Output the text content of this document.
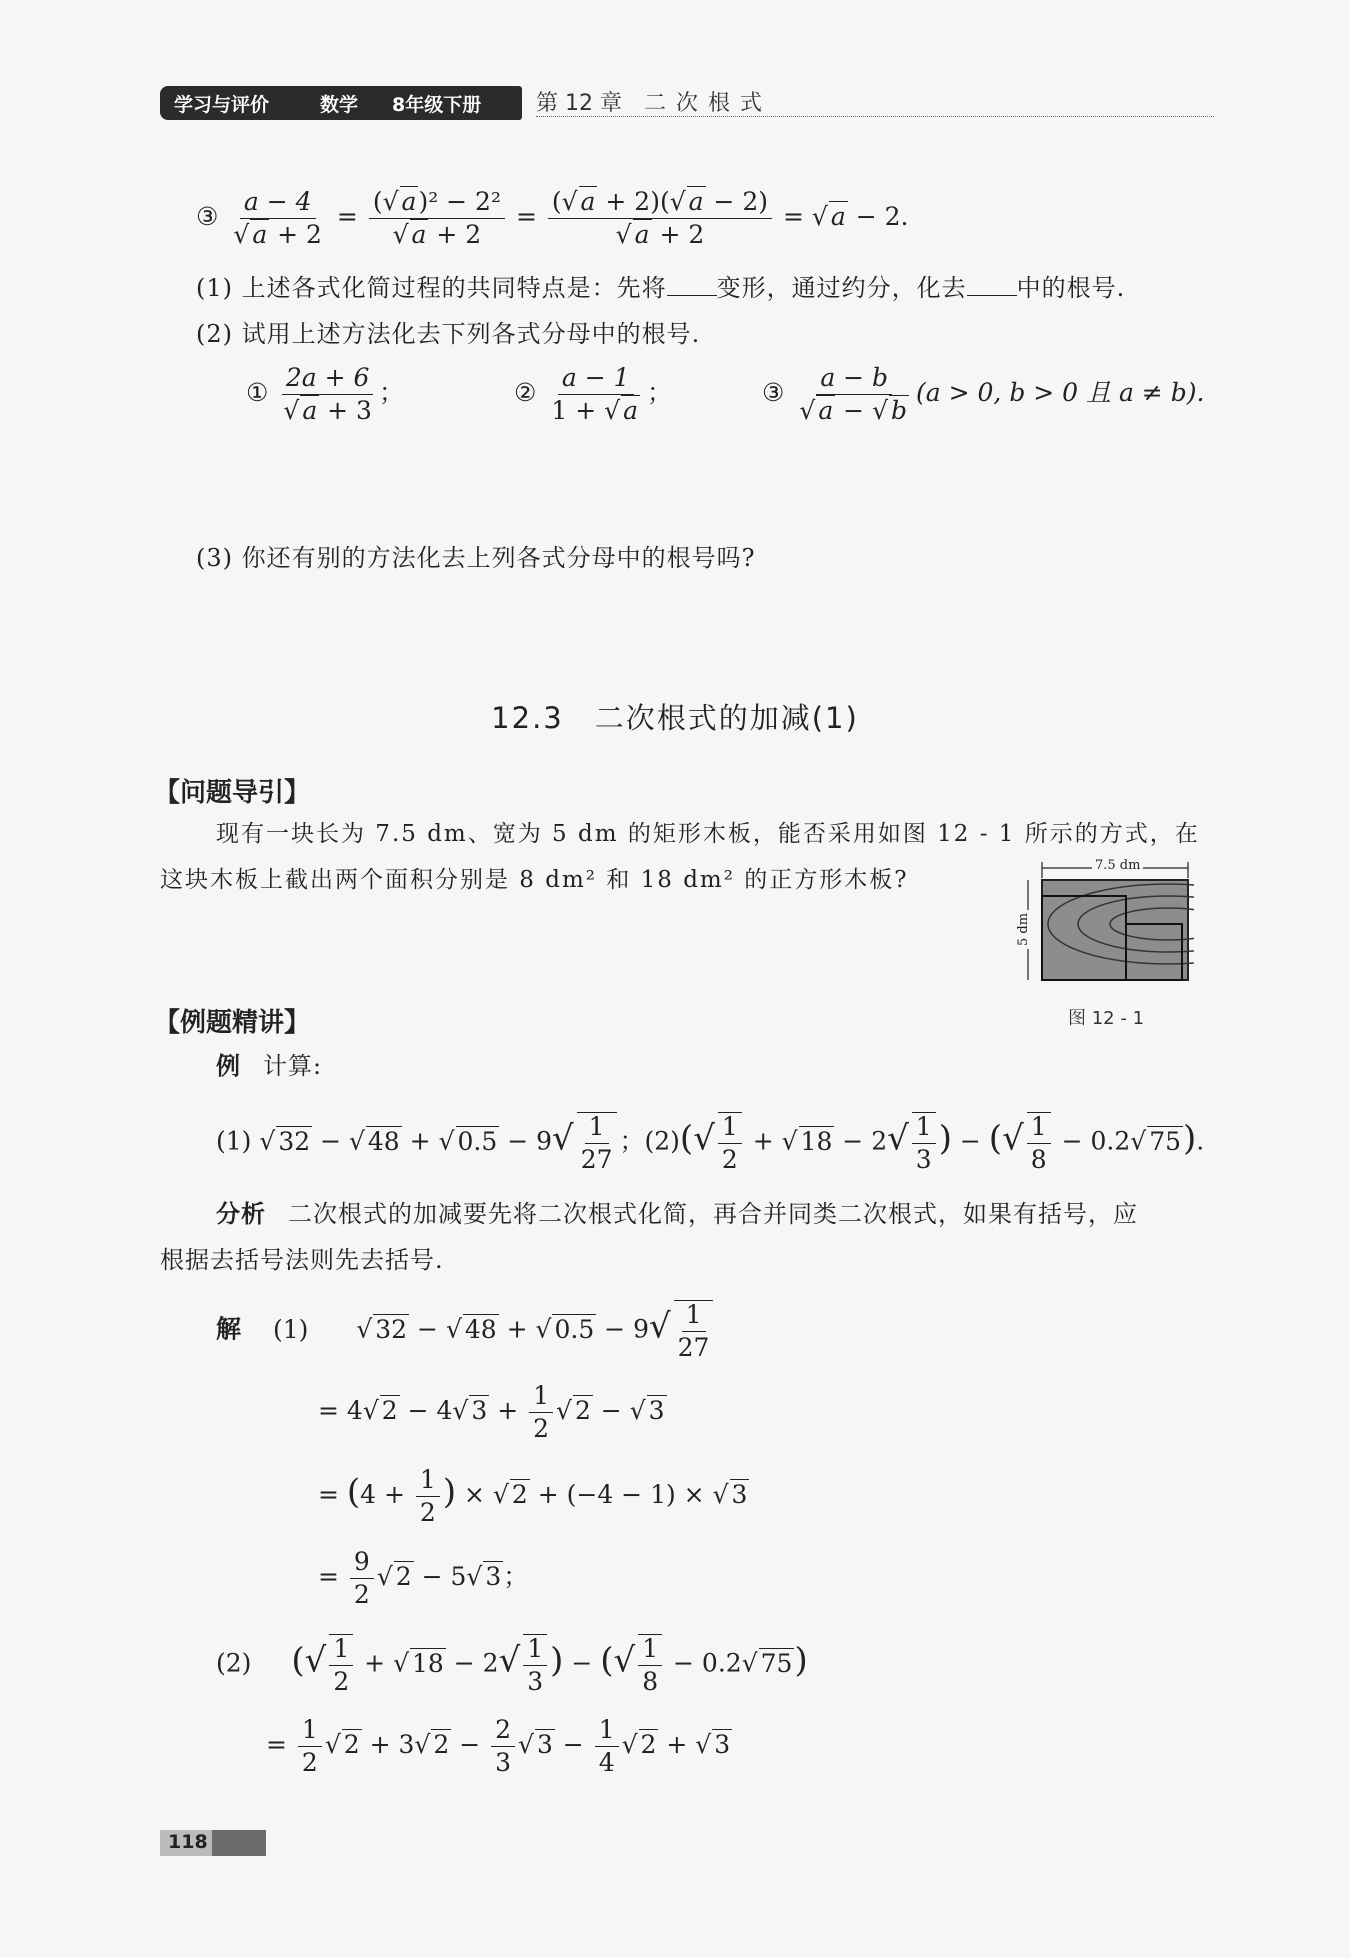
学习与评价	数学 8年级下册 第 12 章 二次根式
③ $\frac{a - 4}{√ a + 2} = \frac{\text{(√ a)² − 2²}}{√ a + 2} = \frac{(√ a + 2)(√ a - 2)}{√ a + 2}$ = √ a − 2.
(1) 上述各式化简过程的共同特点是：先将 变形，通过约分，化去 中的根号.
(2) 试用上述方法化去下列各式分母中的根号.
① $\frac{2a + 6}{√ a + 3}$ ；	② $\frac{a - 1}{1 + √ a}$ ；	③ $\frac{a - b}{√ a - √ b} (a > 0$, b > 0 且 a ≠ b).
(3) 你还有别的方法化去上列各式分母中的根号吗?
12.3　二次根式的加减(1)
【问题导引】
现有一块长为 7.5 dm、宽为 5 dm 的矩形木板，能否采用如图 12 - 1 所示的方式，在
这块木板上截出两个面积分别是 8 dm² 和 18 dm² 的正方形木板?
7.5 dm
5 dm
图 12 - 1
【例题精讲】
例 计算:
(1) √ 32 − √ 48 + √ $0.5 - 9√ \frac{1}{27}$ ；$(2)(√ \frac{1}{2}$ + √ $18 - 2√ \frac{1}{3}$ ) − (√ $\frac{1}{8} - 0.2√$ 75).
分析 二次根式的加减要先将二次根式化简，再合并同类二次根式，如果有括号，应
根据去括号法则先去括号.
解 (1) √ 32 − √ 48 + √ $0.5 - 9√ \frac{1}{27}$
= 4√ 2 − 4√ $3 + \frac{1}{2}$ √ 2 − √ 3
= ($4 + \frac{1}{2}$ ) × √ 2 + (−4 − 1) × √ 3
= $\frac{9}{2}$ √ 2 − 5√ 3；
(2) (√ $\frac{1}{2}$ + √ $18 - 2√ \frac{1}{3}$ ) − (√ $\frac{1}{8} - 0.2√$ 75)
= $\frac{1}{2}$ √ 2 + 3√ $2 - \frac{2}{3}$ √ $3 - \frac{1}{4}$ √ 2 + √ 3
118
